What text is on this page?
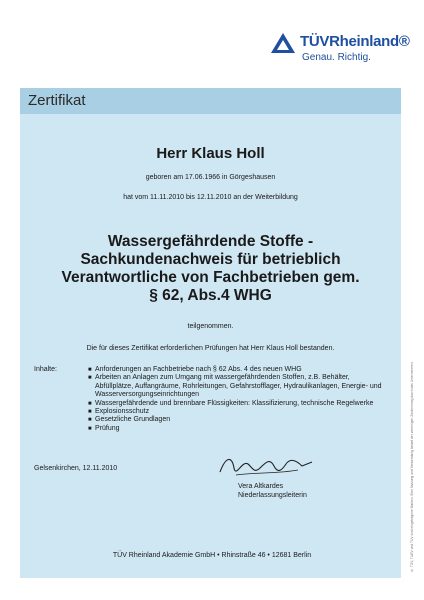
TÜVRheinland®
Genau. Richtig.
Zertifikat
Herr Klaus Holl
geboren am 17.06.1966 in Görgeshausen
hat vom 11.11.2010 bis 12.11.2010 an der Weiterbildung
Wassergefährdende Stoffe -
Sachkundenachweis für betrieblich
Verantwortliche von Fachbetrieben gem.
§ 62, Abs.4 WHG
teilgenommen.
Die für dieses Zertifikat erforderlichen Prüfungen hat Herr Klaus Holl bestanden.
Inhalte:	■ Anforderungen an Fachbetriebe nach § 62 Abs. 4 des neuen WHG
■ Arbeiten an Anlagen zum Umgang mit wassergefährdenden Stoffen, z.B. Behälter, Abfüllplätze, Auffangräume, Rohrleitungen, Gefahrstofflager, Hydraulikanlagen, Energie- und Wasserversorgungseinrichtungen
■ Wassergefährdende und brennbare Flüssigkeiten: Klassifizierung, technische Regelwerke
■ Explosionsschutz
■ Gesetzliche Grundlagen
■ Prüfung
Gelsenkirchen, 12.11.2010
Vera Altkardes
Niederlassungsleiterin
TÜV Rheinland Akademie GmbH • Rhinstraße 46 • 12681 Berlin	® TÜV, TUEV und TUV sind eingetragene Marken. Eine Nutzung und Verwendung bedarf der vorherigen Zustimmung durch das Unternehmen.
